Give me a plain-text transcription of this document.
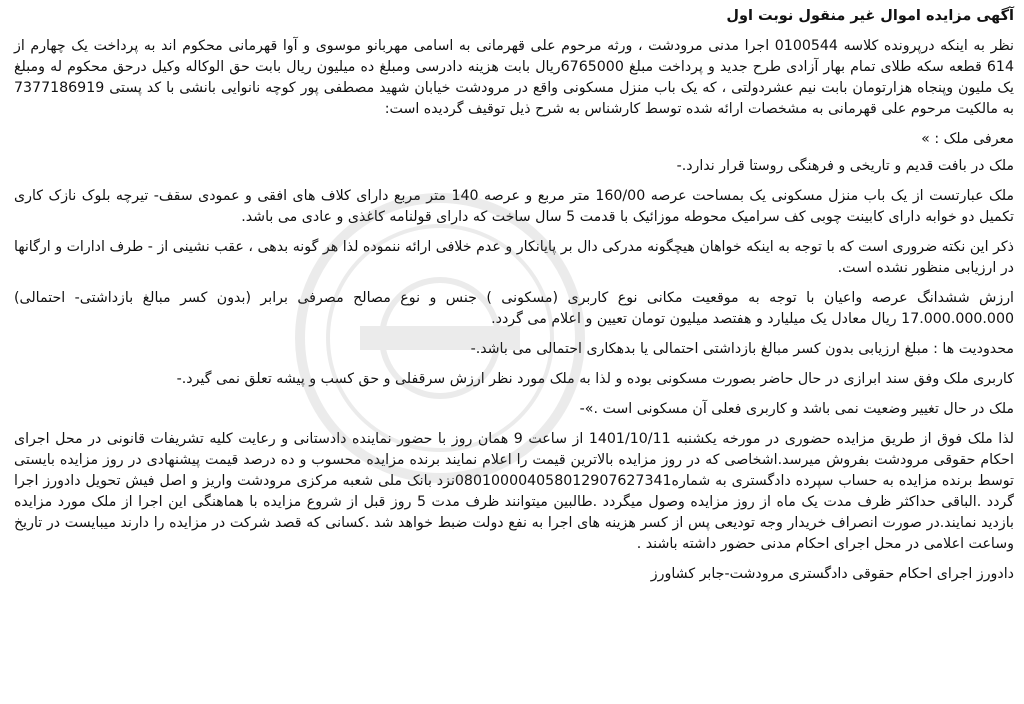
آگهی مزایده اموال غیر منقول نوبت اول

نظر به اینکه درپرونده کلاسه 0100544 اجرا مدنی مرودشت ، ورثه مرحوم علی قهرمانی به اسامی مهربانو موسوی و آوا قهرمانی محکوم اند به پرداخت یک چهارم از 614 قطعه سکه طلای تمام بهار آزادی طرح جدید و پرداخت مبلغ 6765000ریال بابت هزینه دادرسی ومبلغ ده میلیون ریال بابت حق الوکاله وکیل درحق محکوم له ومبلغ یک ملیون وپنجاه هزارتومان بابت نیم عشردولتی ، که یک باب منزل مسکونی واقع در مرودشت خیابان شهید مصطفی پور کوچه نانوایی بانشی با کد پستی 7377186919 به مالکیت مرحوم علی قهرمانی به مشخصات ارائه شده توسط کارشناس به شرح ذیل توقیف گردیده است:

معرفی ملک : »

ملک در بافت قدیم و تاریخی و فرهنگی روستا قرار ندارد.-

ملک عبارتست از یک باب منزل مسکونی یک بمساحت عرصه 160/00 متر مربع و عرصه 140 متر مربع دارای کلاف های افقی و عمودی سقف- تیرچه بلوک نازک کاری تکمیل دو خوابه دارای کابینت چوبی کف سرامیک محوطه موزائیک با قدمت 5 سال ساخت که دارای قولنامه کاغذی و عادی می باشد.

ذکر این نکته ضروری است که با توجه به اینکه خواهان هیچگونه مدرکی دال بر پایانکار و عدم خلافی ارائه ننموده لذا هر گونه بدهی ، عقب نشینی از - طرف ادارات و ارگانها در ارزیابی منظور نشده است.

ارزش ششدانگ عرصه واعیان با توجه به موقعیت مکانی نوع کاربری (مسکونی ) جنس و نوع مصالح مصرفی برابر (بدون کسر مبالغ بازداشتی- احتمالی) 17.000.000.000 ریال معادل یک میلیارد و هفتصد میلیون تومان تعیین و اعلام می گردد.

محدودیت ها : مبلغ ارزیابی بدون کسر مبالغ بازداشتی احتمالی یا بدهکاری احتمالی می باشد.-

کاربری ملک وفق سند ابرازی در حال حاضر بصورت مسکونی بوده و لذا به ملک مورد نظر ارزش سرقفلی و حق کسب و پیشه تعلق نمی گیرد.-

ملک در حال تغییر وضعیت نمی باشد و کاربری فعلی آن مسکونی است .»-

لذا ملک فوق از طریق مزایده حضوری در مورخه یکشنبه 1401/10/11 از ساعت 9 همان روز با حضور نماینده دادستانی و رعایت کلیه تشریفات قانونی در محل اجرای احکام حقوقی مرودشت بفروش میرسد.اشخاصی که در روز مزایده بالاترین قیمت را اعلام نمایند برنده مزایده محسوب و ده درصد قیمت پیشنهادی در روز مزایده بایستی توسط برنده مزایده به حساب سپرده دادگستری به شماره0801000040580129076273​41نزد بانک ملی شعبه مرکزی مرودشت واریز و اصل فیش تحویل دادورز اجرا گردد .الباقی حداکثر ظرف مدت یک ماه از روز مزایده وصول میگردد .طالبین میتوانند ظرف مدت 5 روز قبل از شروع مزایده با هماهنگی این اجرا از ملک مورد مزایده بازدید نمایند.در صورت انصراف خریدار وجه تودیعی پس از کسر هزینه های اجرا به نفع دولت ضبط خواهد شد .کسانی که قصد شرکت در مزایده را دارند میبایست در تاریخ وساعت اعلامی در محل اجرای احکام مدنی حضور داشته باشند .

دادورز اجرای احکام حقوقی دادگستری مرودشت-جابر کشاورز
